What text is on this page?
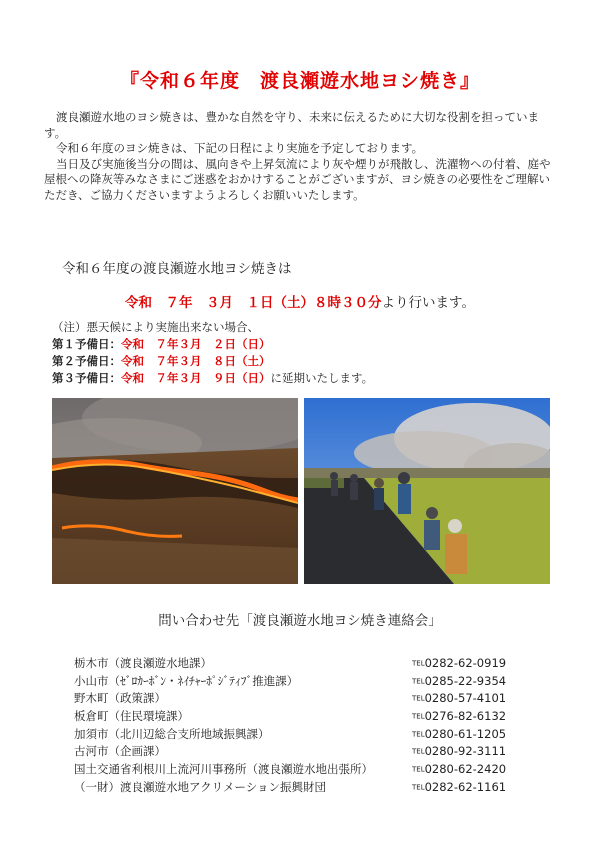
『令和６年度　渡良瀬遊水地ヨシ焼き』

渡良瀬遊水地のヨシ焼きは、豊かな自然を守り、未来に伝えるために大切な役割を担っています。

令和６年度のヨシ焼きは、下記の日程により実施を予定しております。

当日及び実施後当分の間は、風向きや上昇気流により灰や煙りが飛散し、洗濯物への付着、庭や屋根への降灰等みなさまにご迷惑をおかけすることがございますが、ヨシ焼きの必要性をご理解いただき、ご協力くださいますようよろしくお願いいたします。

令和６年度の渡良瀬遊水地ヨシ焼きは
令和　７年　３月　１日（土）８時３０分より行います。
（注）悪天候により実施出来ない場合、
第１予備日：令和　７年３月　２日（日）
第２予備日：令和　７年３月　８日（土）
第３予備日：令和　７年３月　９日（日）に延期いたします。
問い合わせ先「渡良瀬遊水地ヨシ焼き連絡会」
栃木市（渡良瀬遊水地課）	TEL0282-62-0919
小山市（ｾﾞﾛｶｰﾎﾞﾝ・ﾈｲﾁｬｰﾎﾟｼﾞﾃｨﾌﾞ推進課）	TEL0285-22-9354
野木町（政策課）	TEL0280-57-4101
板倉町（住民環境課）	TEL0276-82-6132
加須市（北川辺総合支所地域振興課）	TEL0280-61-1205
古河市（企画課）	TEL0280-92-3111
国土交通省利根川上流河川事務所（渡良瀬遊水地出張所）	TEL0280-62-2420
（一財）渡良瀬遊水地アクリメーション振興財団	TEL0282-62-1161
